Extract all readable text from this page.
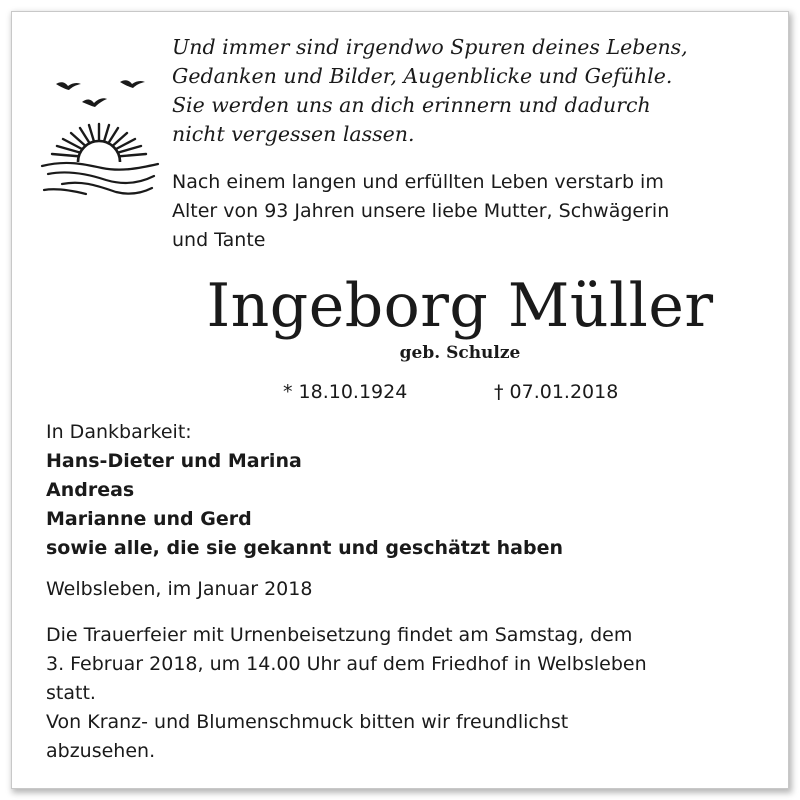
Und immer sind irgendwo Spuren deines Lebens,
Gedanken und Bilder, Augenblicke und Gefühle.
Sie werden uns an dich erinnern und dadurch
nicht vergessen lassen.
Nach einem langen und erfüllten Leben verstarb im
Alter von 93 Jahren unsere liebe Mutter, Schwägerin
und Tante
Ingeborg Müller
geb. Schulze
* 18.10.1924	† 07.01.2018
In Dankbarkeit:
Hans-Dieter und Marina
Andreas
Marianne und Gerd
sowie alle, die sie gekannt und geschätzt haben
Welbsleben, im Januar 2018
Die Trauerfeier mit Urnenbeisetzung findet am Samstag, dem
3. Februar 2018, um 14.00 Uhr auf dem Friedhof in Welbsleben
statt.
Von Kranz- und Blumenschmuck bitten wir freundlichst
abzusehen.
